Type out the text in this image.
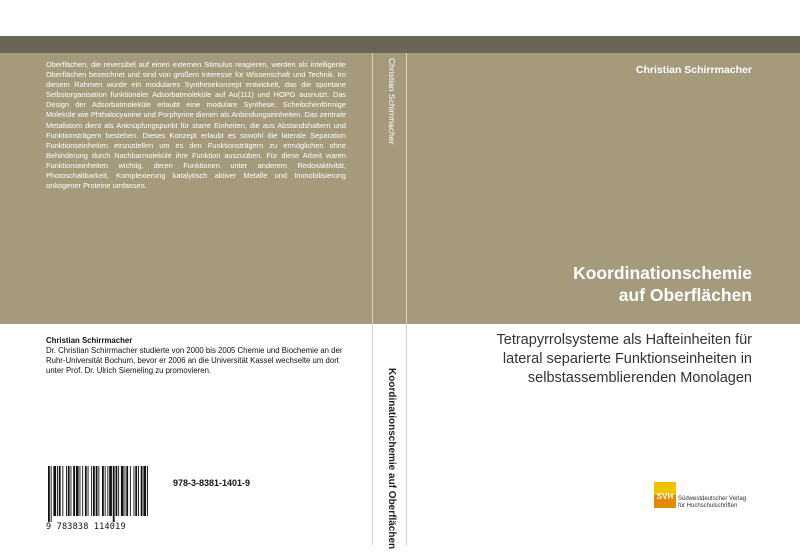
Oberflächen, die reversibel auf einen externen Stimulus reagieren, werden als intelligente Oberflächen bezeichnet und sind von großem Interesse für Wissenschaft und Technik. Im diesem Rahmen wurde ein modulares Synthesekonzept entwickelt, das die spontane Selbstorganisation funktionaler Adsorbatmoleküle auf Au(111) und HOPG ausnutzt. Das Design der Adsorbatmoleküle erlaubt eine modulare Synthese. Scheibchenförmige Moleküle wie Phthalocyanine und Porphyrine dienen als Anbindungseinheiten. Das zentrale Metallatom dient als Anknüpfungspunkt für starre Einheiten, die aus Abstandshaltern und Funktionsträgern bestehen. Dieses Konzept erlaubt es sowohl die laterale Separation Funktionseinheiten einzustellen um es den Funktionsträgern zu ermöglichen ohne Behinderung durch Nachbarmoleküle ihre Funktion auszuüben. Für diese Arbeit waren Funktionseinheiten wichtig, deren Funktionen unter anderem Redoxaktivität, Photoschaltbarkeit, Komplexierung katalytisch aktiver Metalle und Immobilisierung onkogener Proteine umfassen.
Christian Schirrmacher	Christian Schirrmacher
Koordinationschemie
auf Oberflächen
Tetrapyrrolsysteme als Hafteinheiten für
lateral separierte Funktionseinheiten in
selbstassemblierenden Monolagen
Christian Schirrmacher
Dr. Christian Schirrmacher studierte von 2000 bis 2005 Chemie und Biochemie an der Ruhr-Universität Bochum, bevor er 2006 an die Universität Kassel wechselte um dort unter Prof. Dr. Ulrich Siemeling zu promovieren.	Koordinationschemie auf Oberflächen
9 783838 114019
978-3-8381-1401-9
SVH Südwestdeutscher Verlag
für Hochschulschriften
